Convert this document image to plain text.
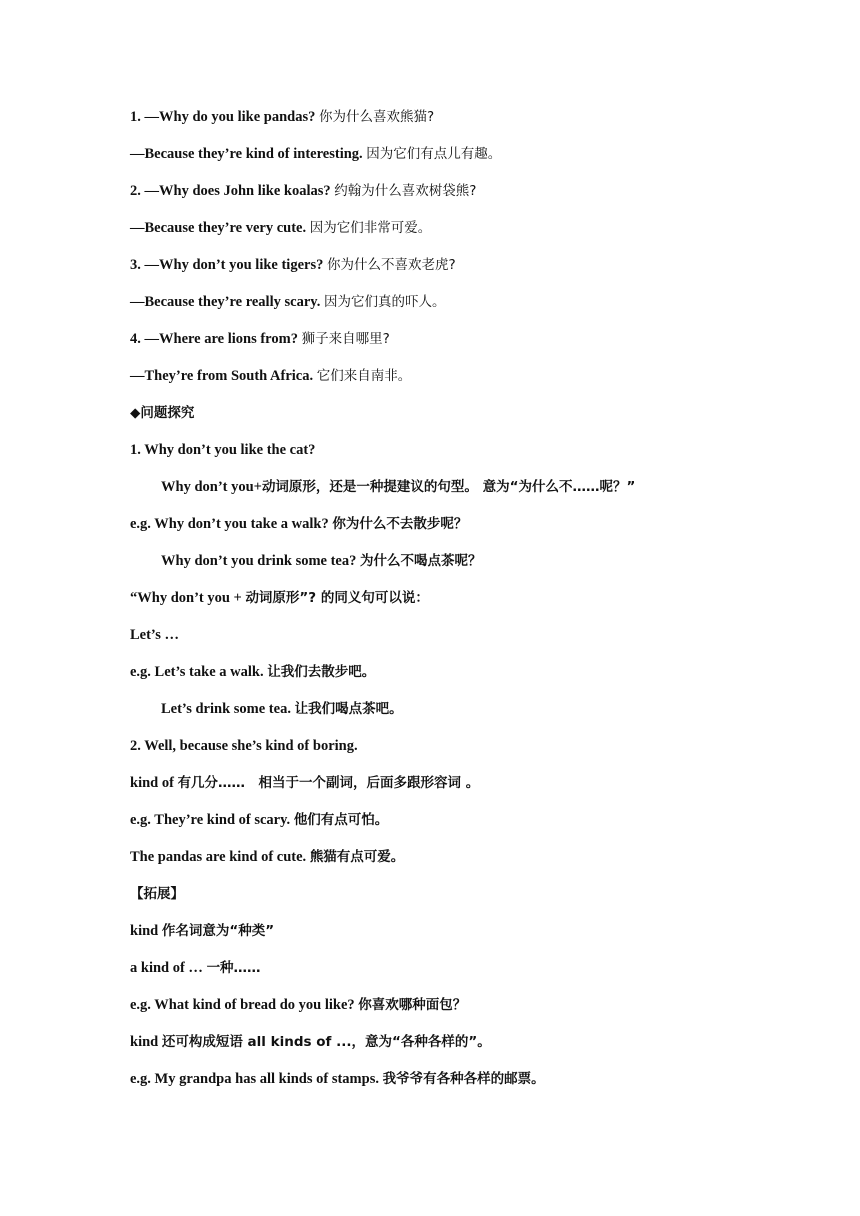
1. —Why do you like pandas? 你为什么喜欢熊猫?
—Because they’re kind of interesting. 因为它们有点儿有趣。
2. —Why does John like koalas? 约翰为什么喜欢树袋熊?
—Because they’re very cute. 因为它们非常可爱。
3. —Why don’t you like tigers? 你为什么不喜欢老虎?
—Because they’re really scary. 因为它们真的吓人。
4. —Where are lions from? 狮子来自哪里?
—They’re from South Africa. 它们来自南非。
◆问题探究
1. Why don’t you like the cat?
Why don’t you+动词原形，还是一种提建议的句型。 意为“为什么不……呢？”
e.g. Why don’t you take a walk? 你为什么不去散步呢？
Why don’t you drink some tea? 为什么不喝点茶呢？
“Why don’t you + 动词原形”? 的同义句可以说：
Let’s …
e.g. Let’s take a walk. 让我们去散步吧。
Let’s drink some tea. 让我们喝点茶吧。
2. Well, because she’s kind of boring.
kind of 有几分……　相当于一个副词，后面多跟形容词 。
e.g. They’re kind of scary. 他们有点可怕。
The pandas are kind of cute. 熊猫有点可爱。
【拓展】
kind 作名词意为“种类”
a kind of … 一种……
e.g. What kind of bread do you like? 你喜欢哪种面包？
kind 还可构成短语 all kinds of ...，意为“各种各样的”。
e.g. My grandpa has all kinds of stamps. 我爷爷有各种各样的邮票。
